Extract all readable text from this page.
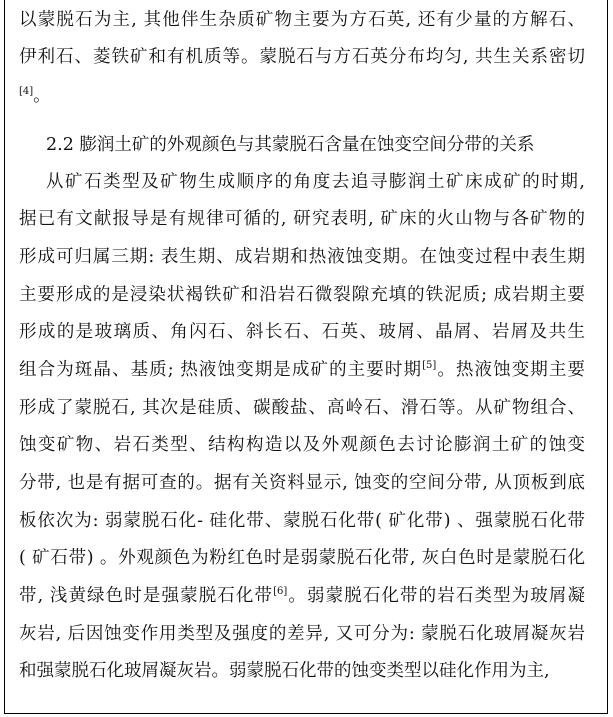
以蒙脱石为主, 其他伴生杂质矿物主要为方石英, 还有少量的方解石、
伊利石、菱铁矿和有机质等。蒙脱石与方石英分布均匀, 共生关系密切
[4]。
2.2 膨润土矿的外观颜色与其蒙脱石含量在蚀变空间分带的关系
从矿石类型及矿物生成顺序的角度去追寻膨润土矿床成矿的时期,
据已有文献报导是有规律可循的, 研究表明, 矿床的火山物与各矿物的
形成可归属三期: 表生期、成岩期和热液蚀变期。在蚀变过程中表生期
主要形成的是浸染状褐铁矿和沿岩石微裂隙充填的铁泥质; 成岩期主要
形成的是玻璃质、角闪石、斜长石、石英、玻屑、晶屑、岩屑及共生
组合为斑晶、基质; 热液蚀变期是成矿的主要时期[5]。热液蚀变期主要
形成了蒙脱石, 其次是硅质、碳酸盐、高岭石、滑石等。从矿物组合、
蚀变矿物、岩石类型、结构构造以及外观颜色去讨论膨润土矿的蚀变
分带, 也是有据可查的。据有关资料显示, 蚀变的空间分带, 从顶板到底
板依次为: 弱蒙脱石化- 硅化带、蒙脱石化带( 矿化带) 、强蒙脱石化带
( 矿石带) 。外观颜色为粉红色时是弱蒙脱石化带, 灰白色时是蒙脱石化
带, 浅黄绿色时是强蒙脱石化带[6]。弱蒙脱石化带的岩石类型为玻屑凝
灰岩, 后因蚀变作用类型及强度的差异, 又可分为: 蒙脱石化玻屑凝灰岩
和强蒙脱石化玻屑凝灰岩。弱蒙脱石化带的蚀变类型以硅化作用为主,
